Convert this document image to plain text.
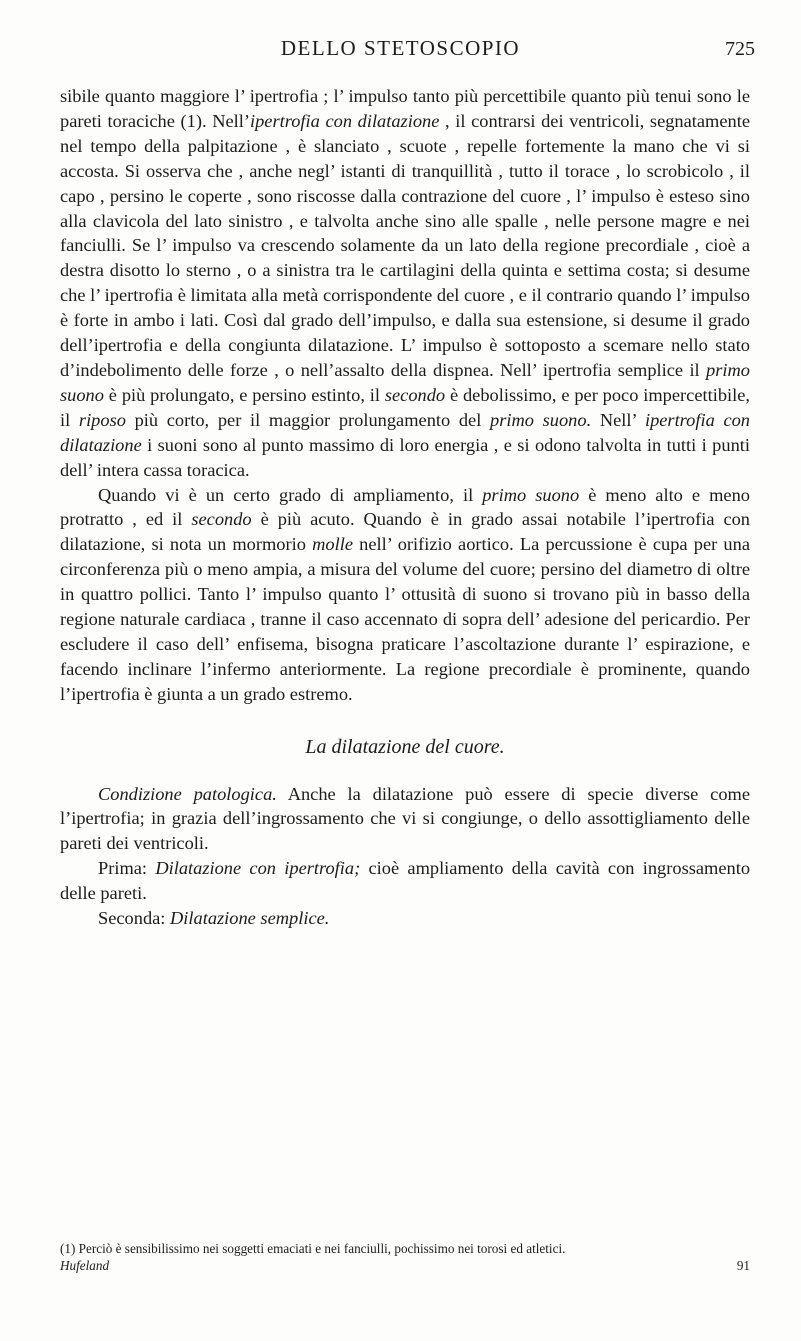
DELLO STETOSCOPIO	725

sibile quanto maggiore l’ ipertrofia ; l’ impulso tanto più percettibile quanto più tenui sono le pareti toraciche (1). Nell’ipertrofia con dilatazione , il contrarsi dei ventricoli, segnatamente nel tempo della palpitazione , è slanciato , scuote , repelle fortemente la mano che vi si accosta. Si osserva che , anche negl’ istanti di tranquillità , tutto il torace , lo scrobicolo , il capo , persino le coperte , sono riscosse dalla contrazione del cuore , l’ impulso è esteso sino alla clavicola del lato sinistro , e talvolta anche sino alle spalle , nelle persone magre e nei fanciulli. Se l’ impulso va crescendo solamente da un lato della regione precordiale , cioè a destra disotto lo sterno , o a sinistra tra le cartilagini della quinta e settima costa; si desume che l’ ipertrofia è limitata alla metà corrispondente del cuore , e il contrario quando l’ impulso è forte in ambo i lati. Così dal grado dell’impulso, e dalla sua estensione, si desume il grado dell’ipertrofia e della congiunta dilatazione. L’ impulso è sottoposto a scemare nello stato d’indebolimento delle forze , o nell’assalto della dispnea. Nell’ ipertrofia semplice il primo suono è più prolungato, e persino estinto, il secondo è debolissimo, e per poco impercettibile, il riposo più corto, per il maggior prolungamento del primo suono. Nell’ ipertrofia con dilatazione i suoni sono al punto massimo di loro energia , e si odono talvolta in tutti i punti dell’ intera cassa toracica.

Quando vi è un certo grado di ampliamento, il primo suono è meno alto e meno protratto , ed il secondo è più acuto. Quando è in grado assai notabile l’ipertrofia con dilatazione, si nota un mormorio molle nell’ orifizio aortico. La percussione è cupa per una circonferenza più o meno ampia, a misura del volume del cuore; persino del diametro di oltre in quattro pollici. Tanto l’ impulso quanto l’ ottusità di suono si trovano più in basso della regione naturale cardiaca , tranne il caso accennato di sopra dell’ adesione del pericardio. Per escludere il caso dell’ enfisema, bisogna praticare l’ascoltazione durante l’ espirazione, e facendo inclinare l’infermo anteriormente. La regione precordiale è prominente, quando l’ipertrofia è giunta a un grado estremo.

La dilatazione del cuore.

Condizione patologica. Anche la dilatazione può essere di specie diverse come l’ipertrofia; in grazia dell’ingrossamento che vi si congiunge, o dello assottigliamento delle pareti dei ventricoli.

Prima: Dilatazione con ipertrofia; cioè ampliamento della cavità con ingrossamento delle pareti.

Seconda: Dilatazione semplice.

(1) Perciò è sensibilissimo nei soggetti emaciati e nei fanciulli, pochissimo nei torosi ed atletici.

Hufeland	91
